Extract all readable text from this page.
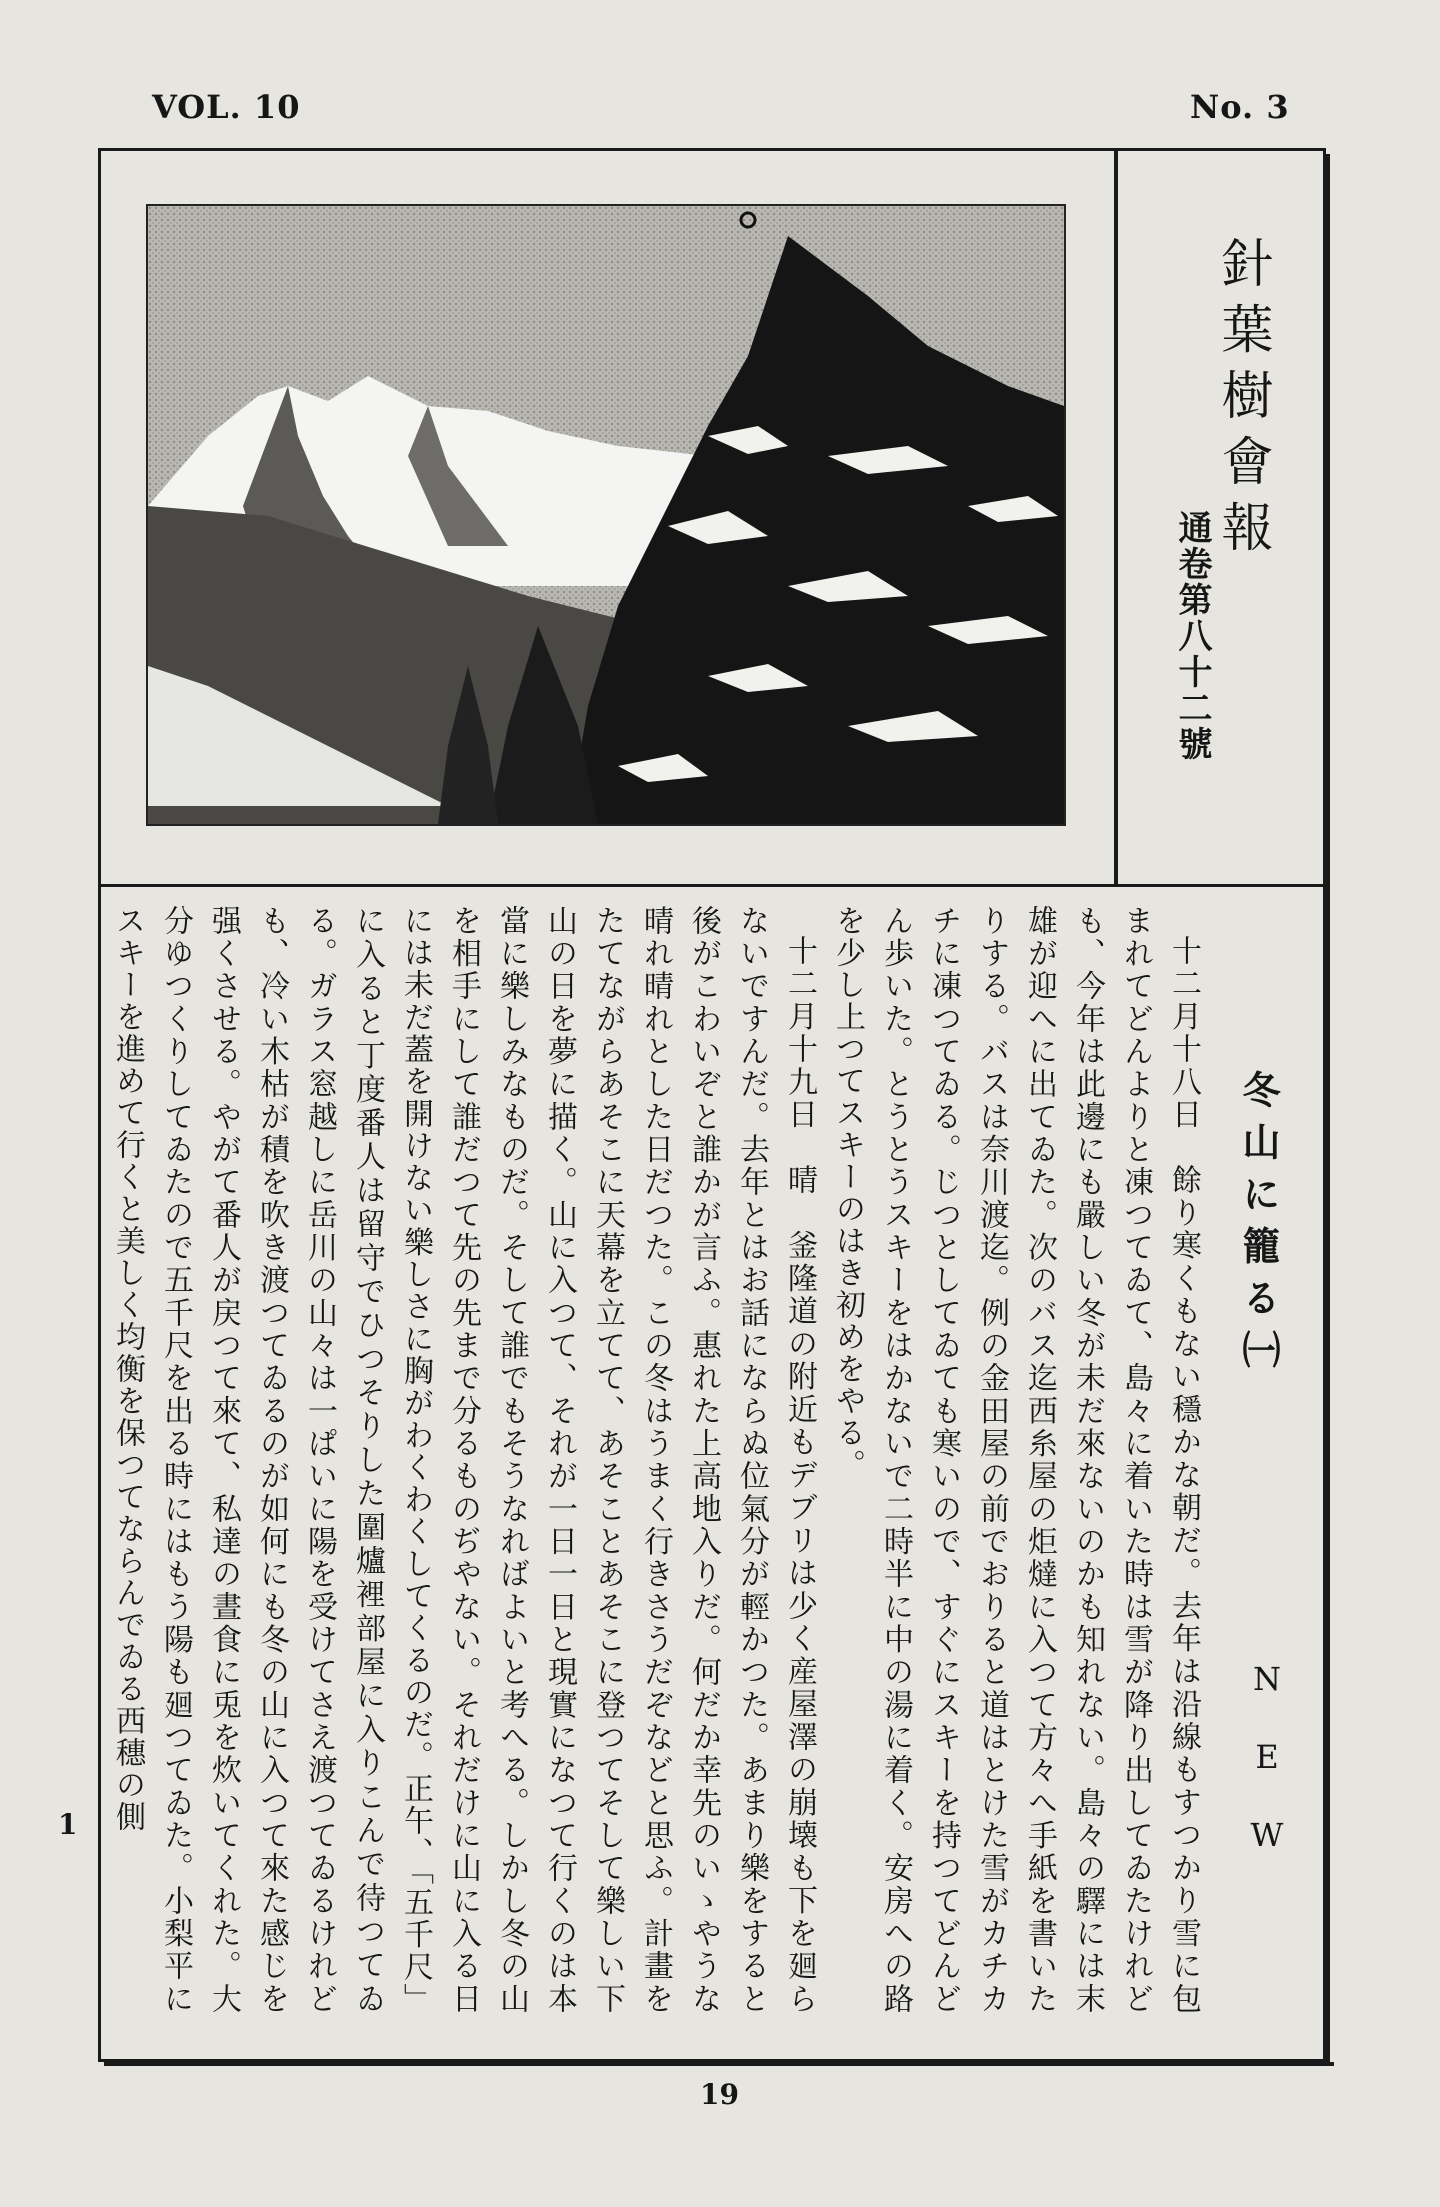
VOL. 10	No. 3
針葉樹會報
通卷第八十二號
冬山に籠る㈠
NEW

十二月十八日　餘り寒くもない穩かな朝だ。去年は沿線もすつかり雪に包まれてどんよりと凍つてゐて、島々に着いた時は雪が降り出してゐたけれども、今年は此邊にも嚴しい冬が未だ來ないのかも知れない。島々の驛には末雄が迎へに出てゐた。次のバス迄西糸屋の炬燵に入つて方々へ手紙を書いたりする。バスは奈川渡迄。例の金田屋の前でおりると道はとけた雪がカチカチに凍つてゐる。じつとしてゐても寒いので、すぐにスキーを持つてどんどん歩いた。とうとうスキーをはかないで二時半に中の湯に着く。安房への路を少し上つてスキーのはき初めをやる。

十二月十九日　晴　釜隆道の附近もデブリは少く産屋澤の崩壊も下を廻らないですんだ。去年とはお話にならぬ位氣分が輕かつた。あまり樂をすると後がこわいぞと誰かが言ふ。惠れた上高地入りだ。何だか幸先のいゝやうな晴れ晴れとした日だつた。この冬はうまく行きさうだぞなどと思ふ。計畫をたてながらあそこに天幕を立てて、あそことあそこに登つてそして樂しい下山の日を夢に描く。山に入つて、それが一日一日と現實になつて行くのは本當に樂しみなものだ。そして誰でもそうなればよいと考へる。しかし冬の山を相手にして誰だつて先の先まで分るものぢやない。それだけに山に入る日には未だ蓋を開けない樂しさに胸がわくわくしてくるのだ。正午、「五千尺」に入ると丁度番人は留守でひつそりした圍爐裡部屋に入りこんで待つてゐる。ガラス窓越しに岳川の山々は一ぱいに陽を受けてさえ渡つてゐるけれども、冷い木枯が積を吹き渡つてゐるのが如何にも冬の山に入つて來た感じを强くさせる。やがて番人が戻つて來て、私達の晝食に兎を炊いてくれた。大分ゆつくりしてゐたので五千尺を出る時にはもう陽も廻つてゐた。小梨平にスキーを進めて行くと美しく均衡を保つてならんでゐる西穗の側

1
19
